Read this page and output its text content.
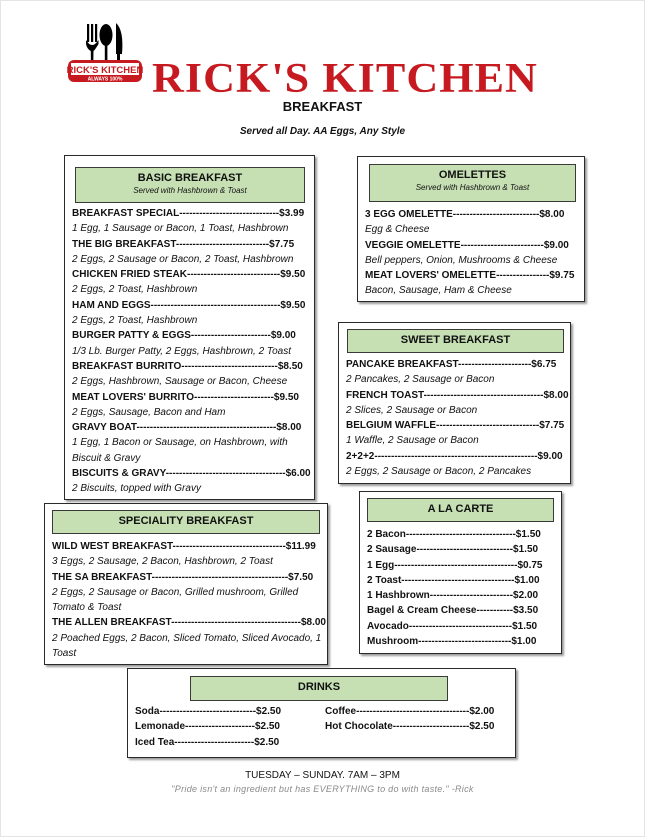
RICK'S KITCHEN
ALWAYS 100% RICK'S KITCHEN
BREAKFAST
Served all Day. AA Eggs, Any Style
BASIC BREAKFAST
Served with Hashbrown & Toast
BREAKFAST SPECIAL------------------------------$3.99
1 Egg, 1 Sausage or Bacon, 1 Toast, Hashbrown
THE BIG BREAKFAST----------------------------$7.75
2 Eggs, 2 Sausage or Bacon, 2 Toast, Hashbrown
CHICKEN FRIED STEAK----------------------------$9.50
2 Eggs, 2 Toast, Hashbrown
HAM AND EGGS---------------------------------------$9.50
2 Eggs, 2 Toast, Hashbrown
BURGER PATTY & EGGS------------------------$9.00
1/3 Lb. Burger Patty, 2 Eggs, Hashbrown, 2 Toast
BREAKFAST BURRITO-----------------------------$8.50
2 Eggs, Hashbrown, Sausage or Bacon, Cheese
MEAT LOVERS' BURRITO------------------------$9.50
2 Eggs, Sausage, Bacon and Ham
GRAVY BOAT------------------------------------------$8.00
1 Egg, 1 Bacon or Sausage, on Hashbrown, with Biscuit & Gravy
BISCUITS & GRAVY------------------------------------$6.00
2 Biscuits, topped with Gravy
OMELETTES
Served with Hashbrown & Toast
3 EGG OMELETTE--------------------------$8.00
Egg & Cheese
VEGGIE OMELETTE-------------------------$9.00
Bell peppers, Onion, Mushrooms & Cheese
MEAT LOVERS' OMELETTE----------------$9.75
Bacon, Sausage, Ham & Cheese
SWEET BREAKFAST
PANCAKE BREAKFAST----------------------$6.75
2 Pancakes, 2 Sausage or Bacon
FRENCH TOAST------------------------------------$8.00
2 Slices, 2 Sausage or Bacon
BELGIUM WAFFLE-------------------------------$7.75
1 Waffle, 2 Sausage or Bacon
2+2+2-------------------------------------------------$9.00
2 Eggs, 2 Sausage or Bacon, 2 Pancakes
SPECIALITY BREAKFAST
WILD WEST BREAKFAST----------------------------------$11.99
3 Eggs, 2 Sausage, 2 Bacon, Hashbrown, 2 Toast
THE SA BREAKFAST-----------------------------------------$7.50
2 Eggs, 2 Sausage or Bacon, Grilled mushroom, Grilled Tomato & Toast
THE ALLEN BREAKFAST---------------------------------------$8.00
2 Poached Eggs, 2 Bacon, Sliced Tomato, Sliced Avocado, 1 Toast
A LA CARTE
2 Bacon---------------------------------$1.50
2 Sausage-----------------------------$1.50
1 Egg-------------------------------------$0.75
2 Toast----------------------------------$1.00
1 Hashbrown-------------------------$2.00
Bagel & Cream Cheese-----------$3.50
Avocado-------------------------------$1.50
Mushroom----------------------------$1.00
DRINKS
Soda-----------------------------$2.50
Lemonade---------------------$2.50
Iced Tea------------------------$2.50
Coffee----------------------------------$2.00
Hot Chocolate-----------------------$2.50
TUESDAY – SUNDAY. 7AM – 3PM
"Pride isn't an ingredient but has EVERYTHING to do with taste." -Rick
